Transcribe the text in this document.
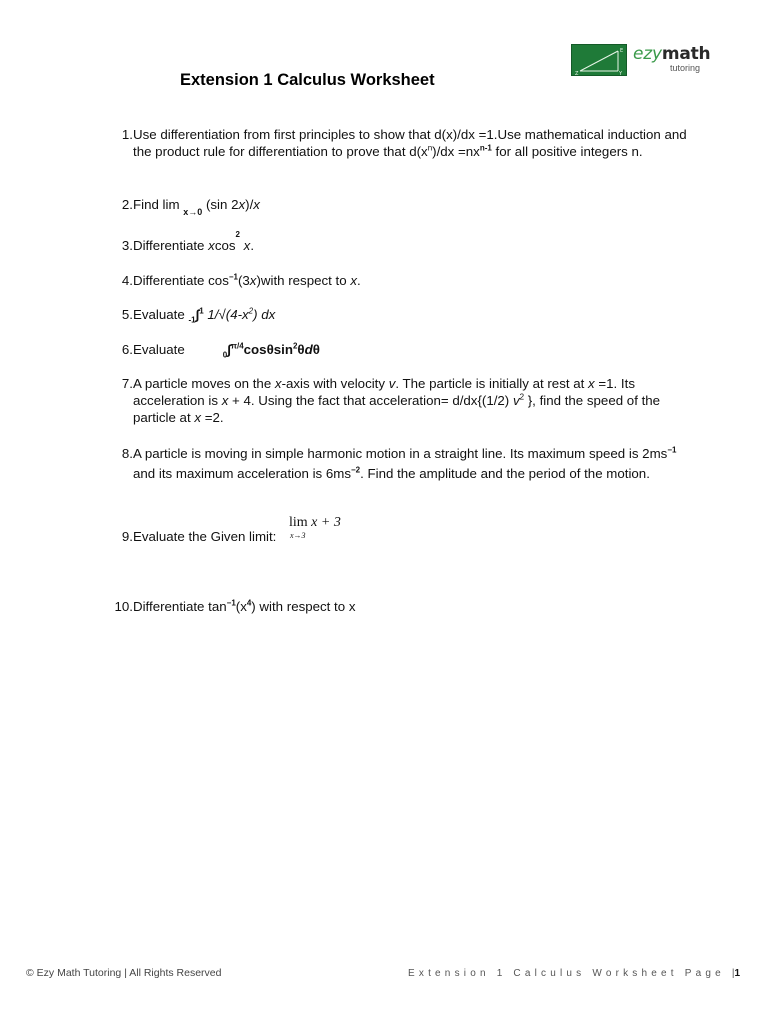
E
Z	Y
ezymath
tutoring
Extension 1 Calculus Worksheet
1. Use differentiation from first principles to show that d(x)/dx =1.Use mathematical induction and the product rule for differentiation to prove that $d(x^n)/dx =nx^{n-1}$ for all positive integers n.
2. Find lim $_{x\to 0}$ (sin 2x)/x
3. Differentiate xcos$^2$ x.
4. Differentiate $\cos^{-1}(3x)with$ respect to x.
5. Evaluate $_{-1}$∫$^1$ $1/√(4-x^2)$ dx
6. Evaluate	$_0$∫$^{\pi/4}$cosθsin$^2$θdθ
7. A particle moves on the x-axis with velocity v. The particle is initially at rest at x =1. Its acceleration is x + 4. Using the fact that acceleration= d/dx{(1/2) $v^2$ }, find the speed of the particle at x =2.
8. A particle is moving in simple harmonic motion in a straight line. Its maximum speed is $2ms^{-1}$ and its maximum acceleration is $6ms^{-2}$. Find the amplitude and the period of the motion.
9. Evaluate the Given limit:
lim x + 3
x→3
10. Differentiate $\tan^{-1}(x^4)$ with respect to x
© Ezy Math Tutoring | All Rights Reserved	Extension 1 Calculus Worksheet Page |1
